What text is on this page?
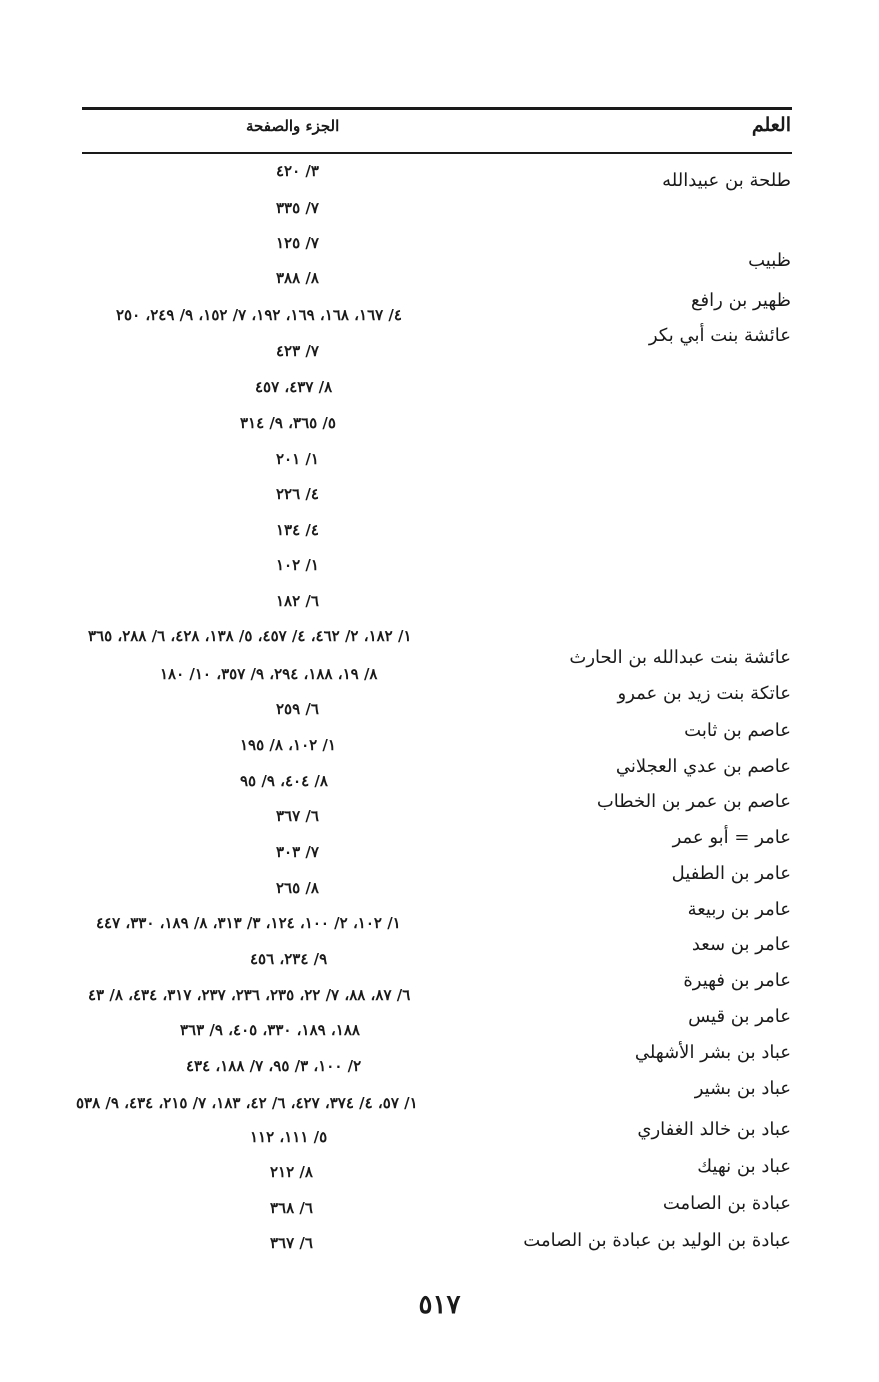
العلم
الجزء والصفحة
طلحة بن عبيدالله
ظبيب
ظهير بن رافع
عائشة بنت أبي بكر
عائشة بنت عبدالله بن الحارث
عاتكة بنت زيد بن عمرو
عاصم بن ثابت
عاصم بن عدي العجلاني
عاصم بن عمر بن الخطاب
عامر = أبو عمر
عامر بن الطفيل
عامر بن ربيعة
عامر بن سعد
عامر بن فهيرة
عامر بن قيس
عباد بن بشر الأشهلي
عباد بن بشير
عباد بن خالد الغفاري
عباد بن نهيك
عبادة بن الصامت
عبادة بن الوليد بن عبادة بن الصامت
٣/ ٤٢٠
٧/ ٣٣٥
٧/ ١٢٥
٨/ ٣٨٨
٤/ ١٦٧، ١٦٨، ١٦٩، ١٩٢، ٧/ ١٥٢، ٩/ ٢٤٩، ٢٥٠
٧/ ٤٢٣
٨/ ٤٣٧، ٤٥٧
٥/ ٣٦٥، ٩/ ٣١٤
١/ ٢٠١
٤/ ٢٢٦
٤/ ١٣٤
١/ ١٠٢
٦/ ١٨٢
١/ ١٨٢، ٢/ ٤٦٢، ٤/ ٤٥٧، ٥/ ١٣٨، ٤٢٨، ٦/ ٢٨٨، ٣٦٥
٨/ ١٩، ١٨٨، ٢٩٤، ٩/ ٣٥٧، ١٠/ ١٨٠
٦/ ٢٥٩
١/ ١٠٢، ٨/ ١٩٥
٨/ ٤٠٤، ٩/ ٩٥
٦/ ٣٦٧
٧/ ٣٠٣
٨/ ٢٦٥
١/ ١٠٢، ٢/ ١٠٠، ١٢٤، ٣/ ٣١٣، ٨/ ١٨٩، ٣٣٠، ٤٤٧
٩/ ٢٣٤، ٤٥٦
٦/ ٨٧، ٨٨، ٧/ ٢٢، ٢٣٥، ٢٣٦، ٢٣٧، ٣١٧، ٤٣٤، ٨/ ٤٣
١٨٨، ١٨٩، ٣٣٠، ٤٠٥، ٩/ ٣٦٣
٢/ ١٠٠، ٣/ ٩٥، ٧/ ١٨٨، ٤٣٤
١/ ٥٧، ٤/ ٣٧٤، ٤٢٧، ٦/ ٤٢، ١٨٣، ٧/ ٢١٥، ٤٣٤، ٩/ ٥٣٨
٥/ ١١١، ١١٢
٨/ ٢١٢
٦/ ٣٦٨
٦/ ٣٦٧
٥١٧
